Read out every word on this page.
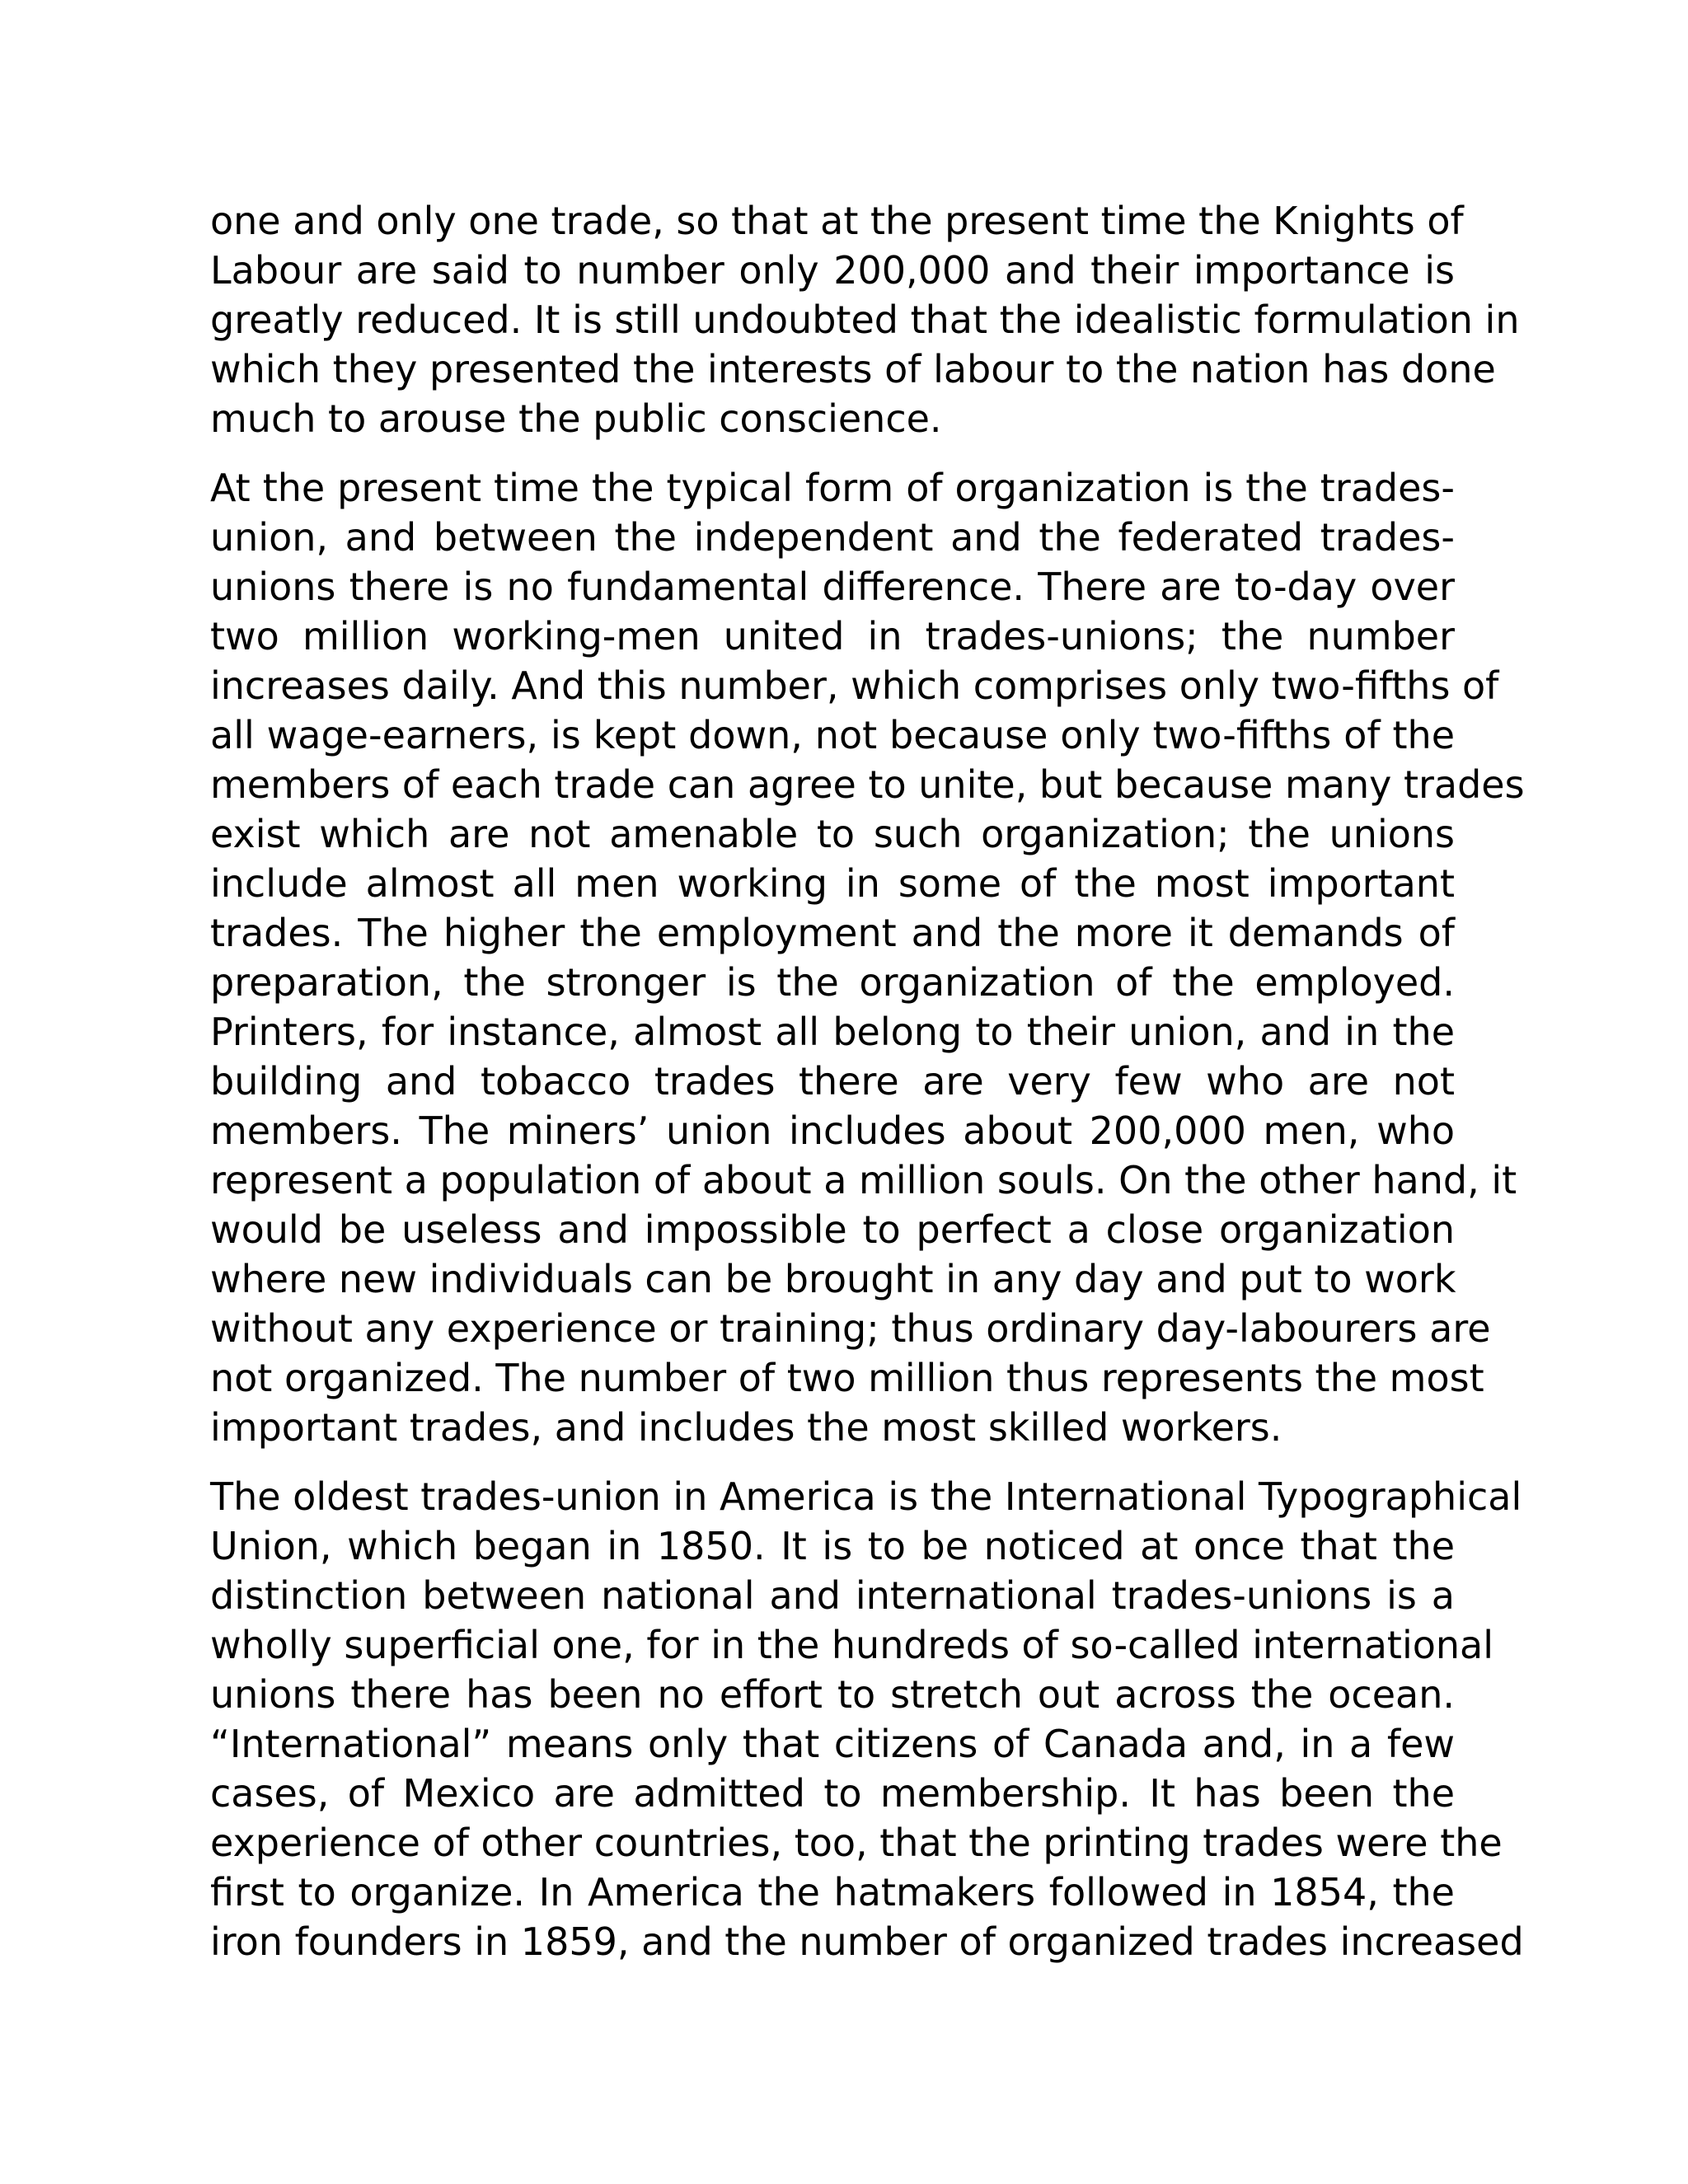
one and only one trade, so that at the present time the Knights of
Labour are said to number only 200,000 and their importance is
greatly reduced. It is still undoubted that the idealistic formulation in
which they presented the interests of labour to the nation has done
much to arouse the public conscience.
At the present time the typical form of organization is the trades-
union, and between the independent and the federated trades-
unions there is no fundamental difference. There are to-day over
two million working-men united in trades-unions; the number
increases daily. And this number, which comprises only two-fifths of
all wage-earners, is kept down, not because only two-fifths of the
members of each trade can agree to unite, but because many trades
exist which are not amenable to such organization; the unions
include almost all men working in some of the most important
trades. The higher the employment and the more it demands of
preparation, the stronger is the organization of the employed.
Printers, for instance, almost all belong to their union, and in the
building and tobacco trades there are very few who are not
members. The miners’ union includes about 200,000 men, who
represent a population of about a million souls. On the other hand, it
would be useless and impossible to perfect a close organization
where new individuals can be brought in any day and put to work
without any experience or training; thus ordinary day-labourers are
not organized. The number of two million thus represents the most
important trades, and includes the most skilled workers.
The oldest trades-union in America is the International Typographical
Union, which began in 1850. It is to be noticed at once that the
distinction between national and international trades-unions is a
wholly superficial one, for in the hundreds of so-called international
unions there has been no effort to stretch out across the ocean.
“International” means only that citizens of Canada and, in a few
cases, of Mexico are admitted to membership. It has been the
experience of other countries, too, that the printing trades were the
first to organize. In America the hatmakers followed in 1854, the
iron founders in 1859, and the number of organized trades increased
